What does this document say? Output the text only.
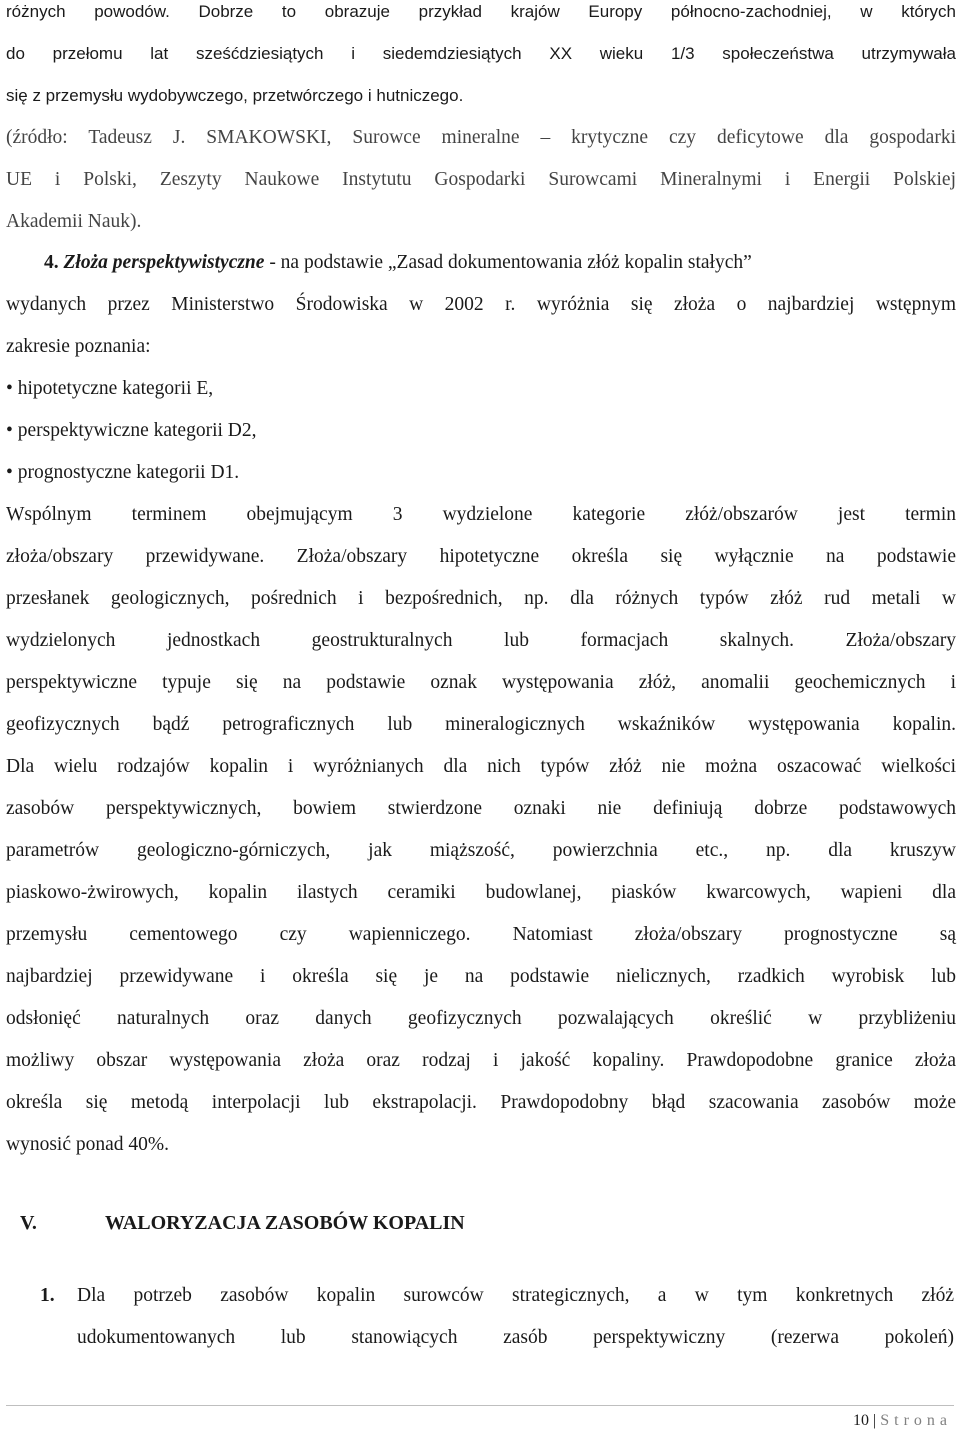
różnych powodów. Dobrze to obrazuje przykład krajów Europy północno-zachodniej, w których
do przełomu lat sześćdziesiątych i siedemdziesiątych XX wieku 1/3 społeczeństwa utrzymywała
się z przemysłu wydobywczego, przetwórczego i hutniczego.
(źródło: Tadeusz J. SMAKOWSKI, Surowce mineralne – krytyczne czy deficytowe dla gospodarki
UE i Polski, Zeszyty Naukowe Instytutu Gospodarki Surowcami Mineralnymi i Energii Polskiej
Akademii Nauk).
4. Złoża perspektywistyczne - na podstawie „Zasad dokumentowania złóż kopalin stałych”
wydanych przez Ministerstwo Środowiska w 2002 r. wyróżnia się złoża o najbardziej wstępnym
zakresie poznania:
• hipotetyczne kategorii E,
• perspektywiczne kategorii D2,
• prognostyczne kategorii D1.
Wspólnym terminem obejmującym 3 wydzielone kategorie złóż/obszarów jest termin
złoża/obszary przewidywane. Złoża/obszary hipotetyczne określa się wyłącznie na podstawie
przesłanek geologicznych, pośrednich i bezpośrednich, np. dla różnych typów złóż rud metali w
wydzielonych jednostkach geostrukturalnych lub formacjach skalnych. Złoża/obszary
perspektywiczne typuje się na podstawie oznak występowania złóż, anomalii geochemicznych i
geofizycznych bądź petrograficznych lub mineralogicznych wskaźników występowania kopalin.
Dla wielu rodzajów kopalin i wyróżnianych dla nich typów złóż nie można oszacować wielkości
zasobów perspektywicznych, bowiem stwierdzone oznaki nie definiują dobrze podstawowych
parametrów geologiczno-górniczych, jak miąższość, powierzchnia etc., np. dla kruszyw
piaskowo-żwirowych, kopalin ilastych ceramiki budowlanej, piasków kwarcowych, wapieni dla
przemysłu cementowego czy wapienniczego. Natomiast złoża/obszary prognostyczne są
najbardziej przewidywane i określa się je na podstawie nielicznych, rzadkich wyrobisk lub
odsłonięć naturalnych oraz danych geofizycznych pozwalających określić w przybliżeniu
możliwy obszar występowania złoża oraz rodzaj i jakość kopaliny. Prawdopodobne granice złoża
określa się metodą interpolacji lub ekstrapolacji. Prawdopodobny błąd szacowania zasobów może
wynosić ponad 40%.
V.	WALORYZACJA ZASOBÓW KOPALIN
1. Dla potrzeb zasobów kopalin surowców strategicznych, a w tym konkretnych złóż
udokumentowanych lub stanowiących zasób perspektywiczny (rezerwa pokoleń)
10 | Strona
